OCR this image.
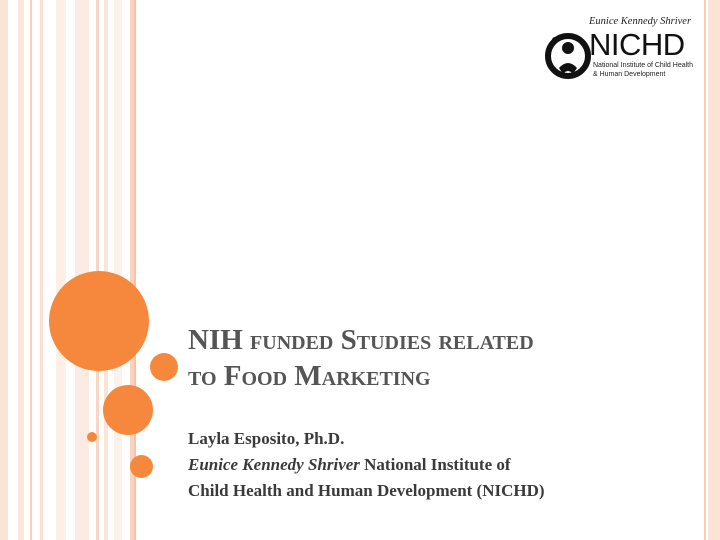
Eunice Kennedy Shriver
NICHD
National Institute of Child Health
& Human Development
NIH funded Studies related
to Food Marketing
Layla Esposito, Ph.D.
Eunice Kennedy Shriver National Institute of
Child Health and Human Development (NICHD)
